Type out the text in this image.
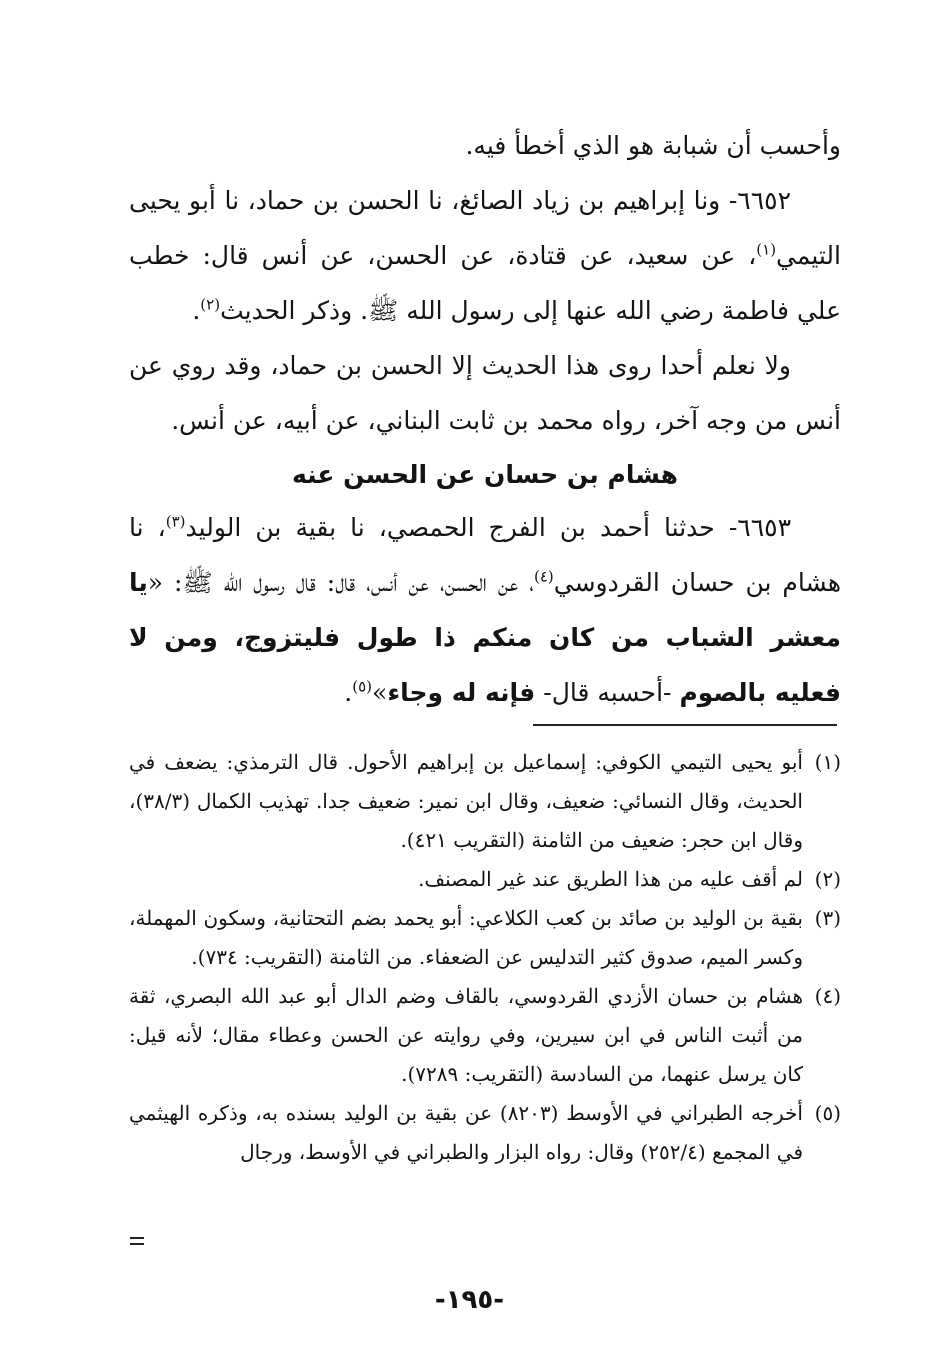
وأحسب أن شبابة هو الذي أخطأ فيه.

٦٦٥٢- ونا إبراهيم بن زياد الصائغ، نا الحسن بن حماد، نا أبو يحيى التيمي$^{(١)}$، عن سعيد، عن قتادة، عن الحسن، عن أنس قال: خطب علي فاطمة رضي الله عنها إلى رسول الله ﷺ. وذكر الحديث$^{(٢)}$.

ولا نعلم أحدا روى هذا الحديث إلا الحسن بن حماد، وقد روي عن أنس من وجه آخر، رواه محمد بن ثابت البناني، عن أبيه، عن أنس.

هشام بن حسان عن الحسن عنه

٦٦٥٣- حدثنا أحمد بن الفرج الحمصي، نا بقية بن الوليد$^{(٣)}$، نا هشام بن حسان القردوسي$^{(٤)}$، عن الحسن، عن أنس، قال: قال رسول الله ﷺ: «يا معشر الشباب من كان منكم ذا طول فليتزوج، ومن لا فعليه بالصوم -أحسبه قال- فإنه له وجاء»$^{(٥)}$.

(١)
أبو يحيى التيمي الكوفي: إسماعيل بن إبراهيم الأحول. قال الترمذي: يضعف في الحديث، وقال النسائي: ضعيف، وقال ابن نمير: ضعيف جدا. تهذيب الكمال (٣٨/٣)، وقال ابن حجر: ضعيف من الثامنة (التقريب ٤٢١).
(٢)
لم أقف عليه من هذا الطريق عند غير المصنف.
(٣)
بقية بن الوليد بن صائد بن كعب الكلاعي: أبو يحمد بضم التحتانية، وسكون المهملة، وكسر الميم، صدوق كثير التدليس عن الضعفاء. من الثامنة (التقريب: ٧٣٤).
(٤)
هشام بن حسان الأزدي القردوسي، بالقاف وضم الدال أبو عبد الله البصري، ثقة من أثبت الناس في ابن سيرين، وفي روايته عن الحسن وعطاء مقال؛ لأنه قيل: كان يرسل عنهما، من السادسة (التقريب: ٧٢٨٩).
(٥)
أخرجه الطبراني في الأوسط (٨٢٠٣) عن بقية بن الوليد بسنده به، وذكره الهيثمي في المجمع (٢٥٢/٤) وقال: رواه البزار والطبراني في الأوسط، ورجال
-١٩٥-
